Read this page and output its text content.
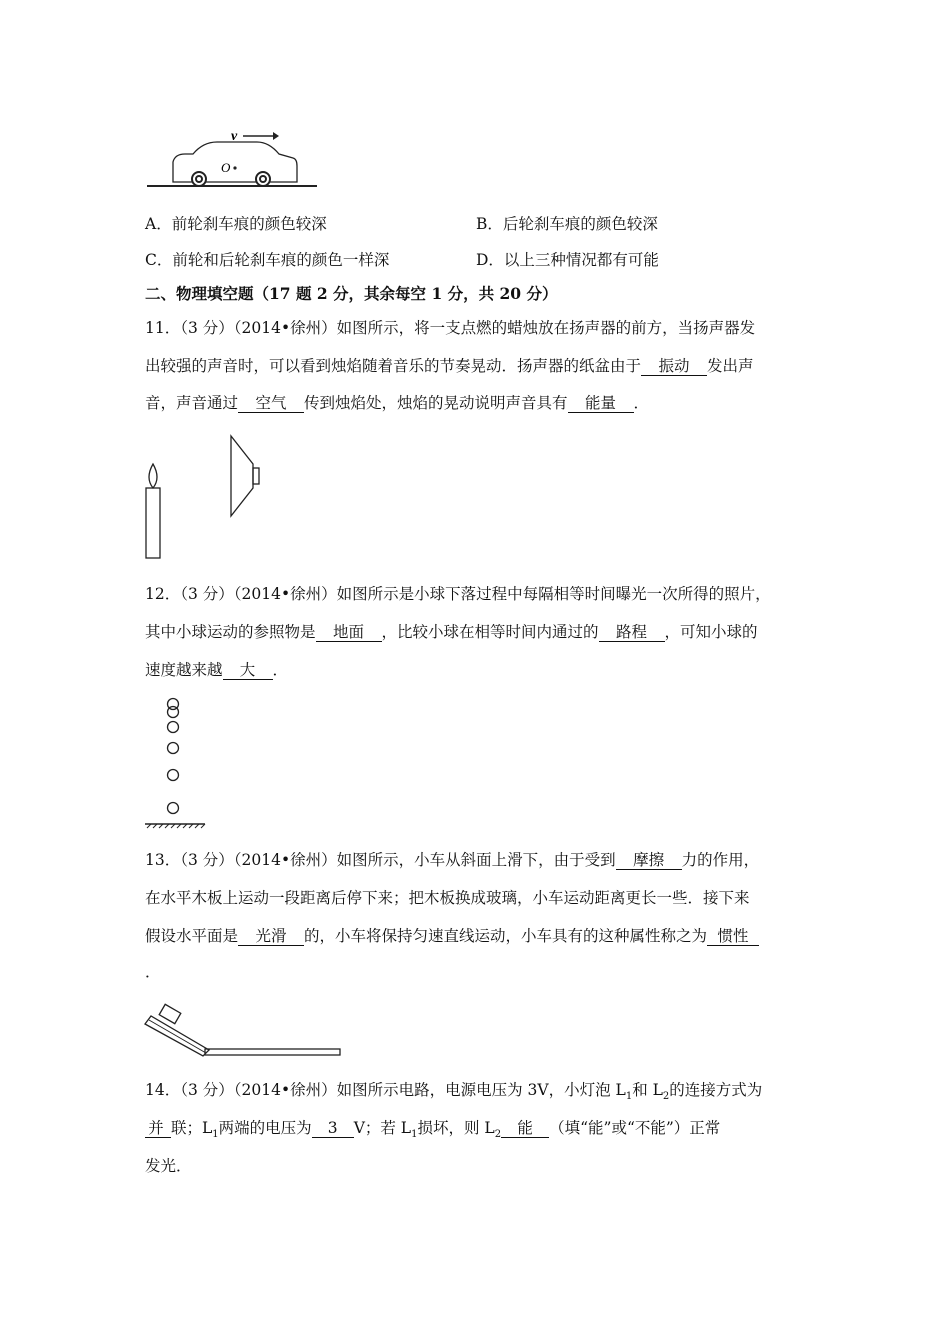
v
O
A．前轮刹车痕的颜色较深	B．后轮刹车痕的颜色较深
C．前轮和后轮刹车痕的颜色一样深	D．以上三种情况都有可能
二、物理填空题（17 题 2 分，其余每空 1 分，共 20 分）
11．（3 分）（2014•徐州）如图所示，将一支点燃的蜡烛放在扬声器的前方，当扬声器发
出较强的声音时，可以看到烛焰随着音乐的节奏晃动．扬声器的纸盆由于 振动 发出声
音，声音通过 空气 传到烛焰处，烛焰的晃动说明声音具有 能量 ．
12．（3 分）（2014•徐州）如图所示是小球下落过程中每隔相等时间曝光一次所得的照片，
其中小球运动的参照物是 地面 ，比较小球在相等时间内通过的 路程 ，可知小球的
速度越来越 大 ．
13．（3 分）（2014•徐州）如图所示，小车从斜面上滑下，由于受到 摩擦 力的作用，
在水平木板上运动一段距离后停下来；把木板换成玻璃，小车运动距离更长一些．接下来
假设水平面是 光滑 的，小车将保持匀速直线运动，小车具有的这种属性称之为 惯性
．
14．（3 分）（2014•徐州）如图所示电路，电源电压为 3V，小灯泡 $L_1$和 $L_2$的连接方式为
并 联；$L_1$两端的电压为 3 V；若 $L_1$损坏，则 $L_2$ 能 （填“能”或“不能”）正常
发光．
